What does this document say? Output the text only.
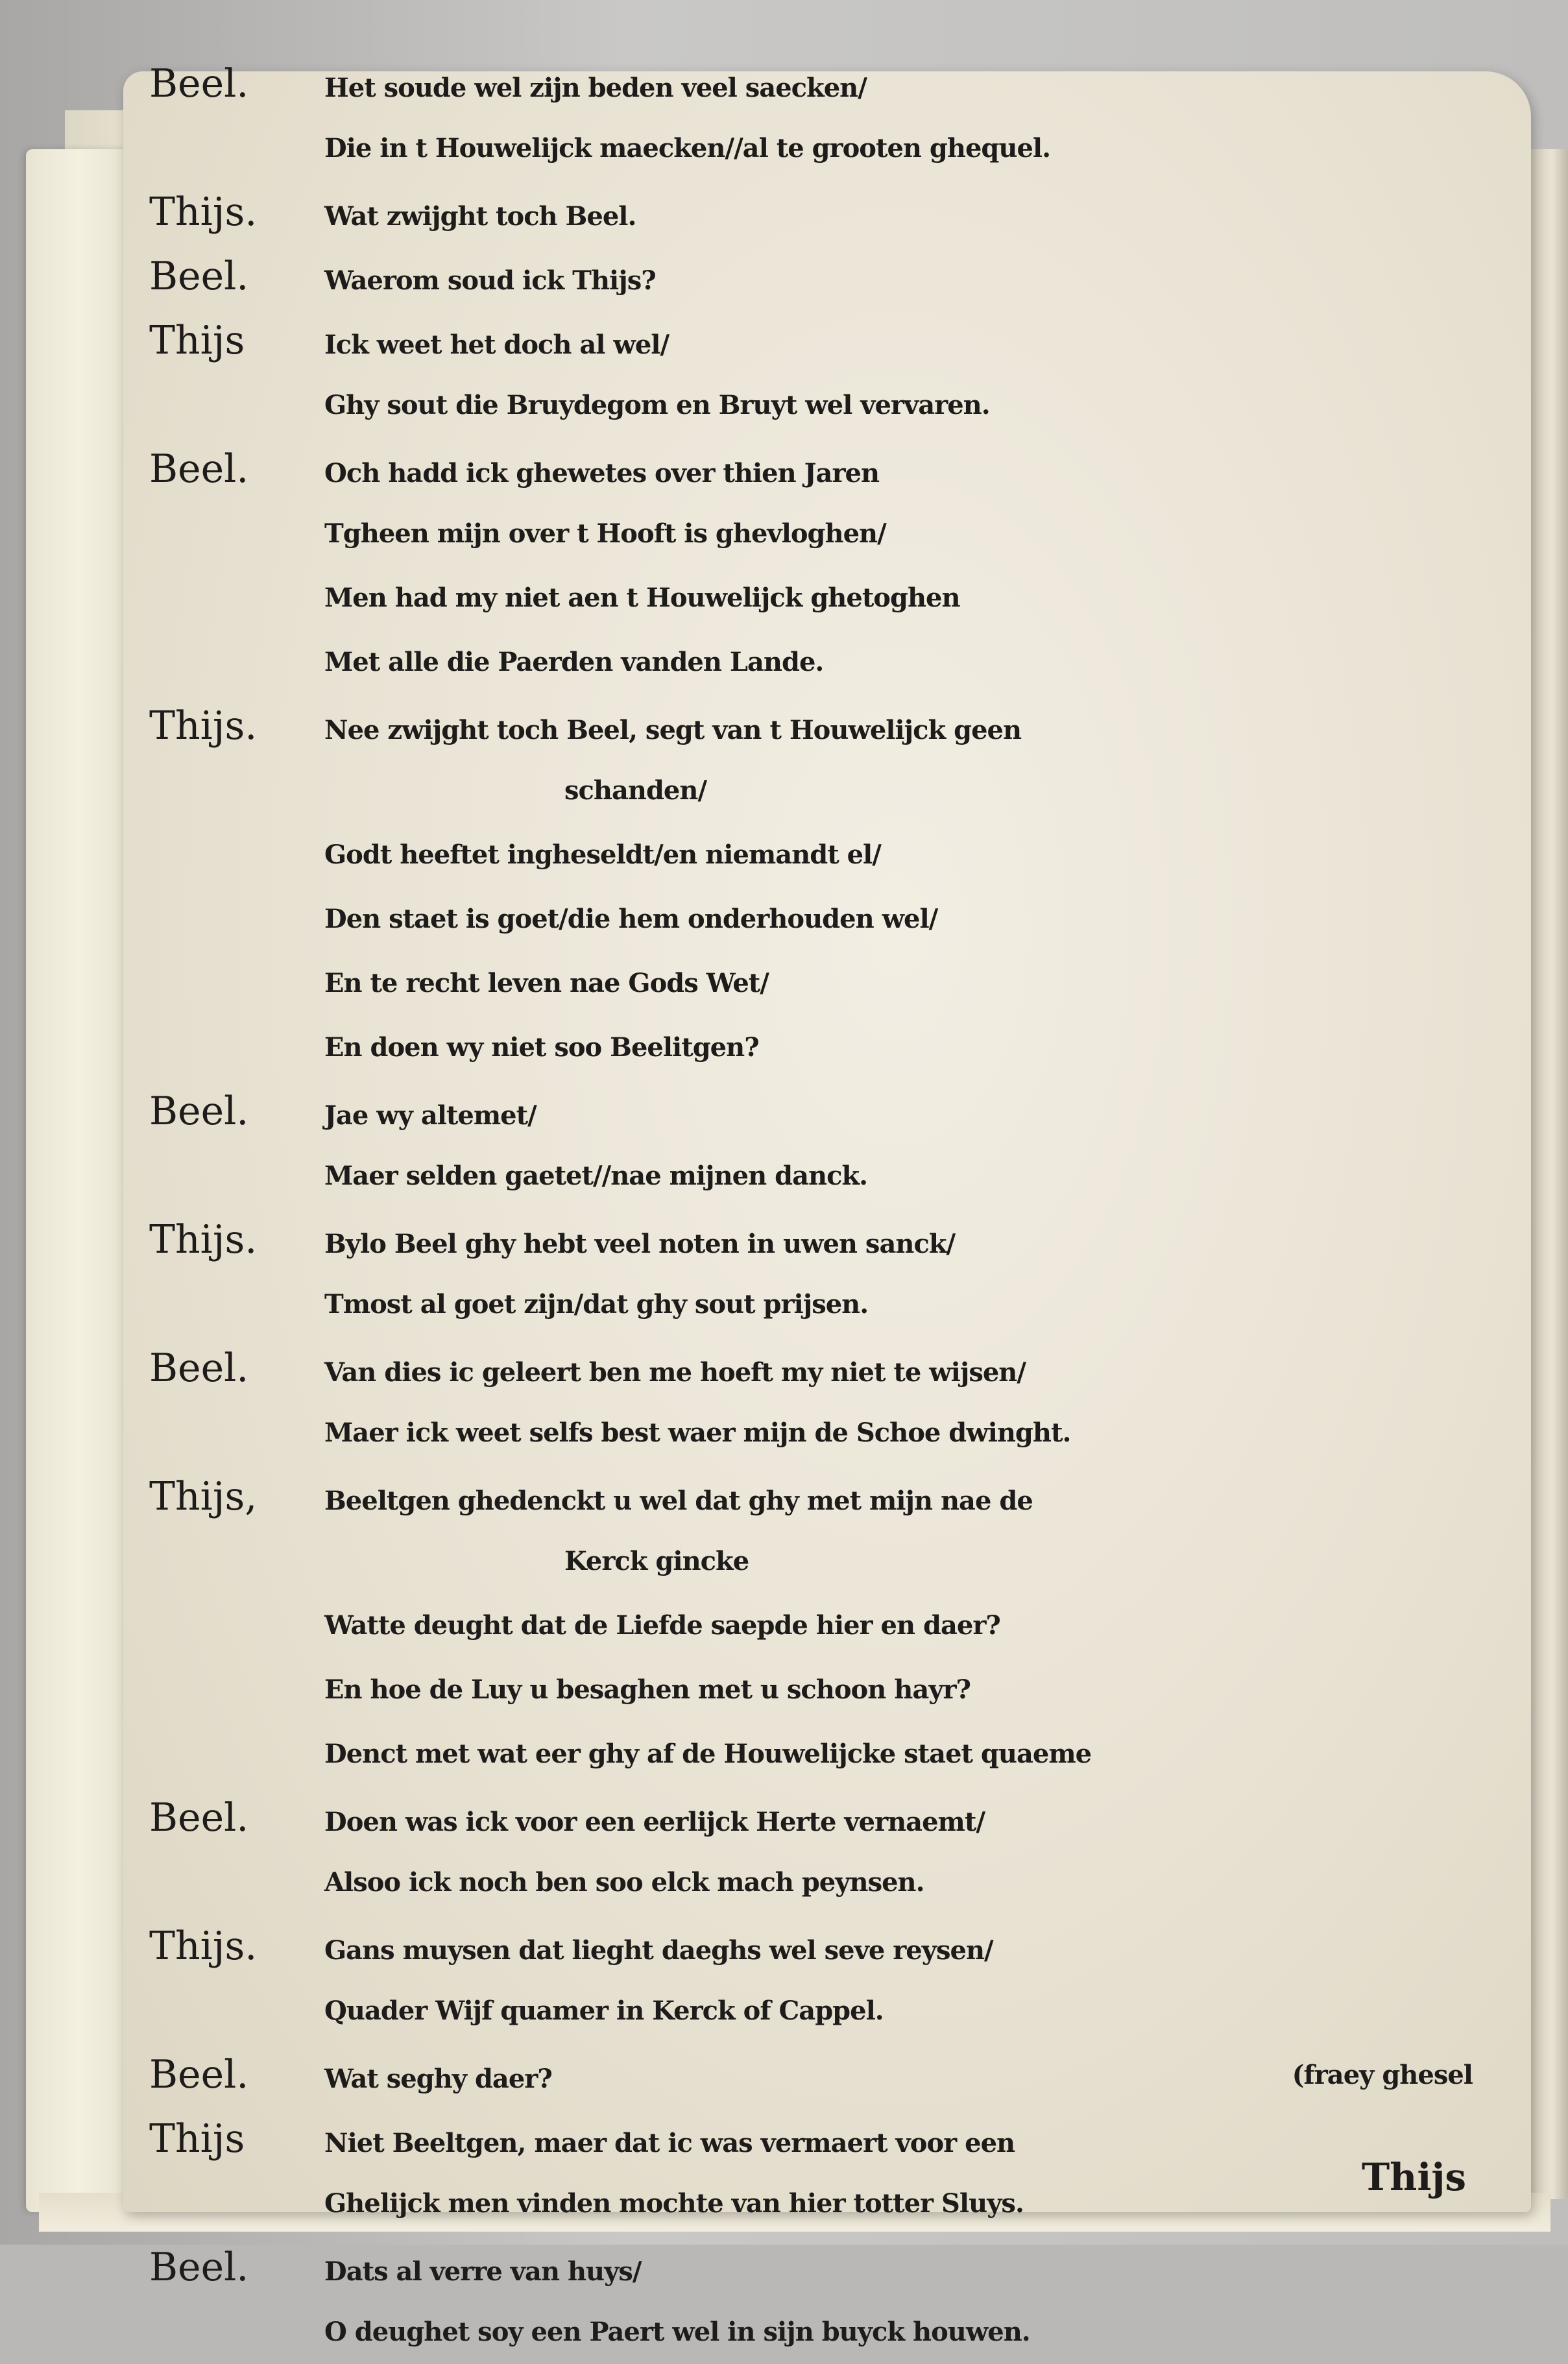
Beel.	Het soude wel zijn beden veel saecken/
Die in t Houwelijck maecken//al te grooten ghequel.
Thijs.	Wat zwijght toch Beel.
Beel.	Waerom soud ick Thijs?
Thijs	Ick weet het doch al wel/
Ghy sout die Bruydegom en Bruyt wel vervaren.
Beel.	Och hadd ick ghewetes over thien Jaren
Tgheen mijn over t Hooft is ghevloghen/
Men had my niet aen t Houwelijck ghetoghen
Met alle die Paerden vanden Lande.
Thijs.	Nee zwijght toch Beel, segt van t Houwelijck geen
schanden/
Godt heeftet ingheseldt/en niemandt el/
Den staet is goet/die hem onderhouden wel/
En te recht leven nae Gods Wet/
En doen wy niet soo Beelitgen?
Beel.	Jae wy altemet/
Maer selden gaetet//nae mijnen danck.
Thijs.	Bylo Beel ghy hebt veel noten in uwen sanck/
Tmost al goet zijn/dat ghy sout prijsen.
Beel.	Van dies ic geleert ben me hoeft my niet te wijsen/
Maer ick weet selfs best waer mijn de Schoe dwinght.
Thijs,	Beeltgen ghedenckt u wel dat ghy met mijn nae de
Kerck gincke
Watte deught dat de Liefde saepde hier en daer?
En hoe de Luy u besaghen met u schoon hayr?
Denct met wat eer ghy af de Houwelijcke staet quaeme
Beel.	Doen was ick voor een eerlijck Herte vernaemt/
Alsoo ick noch ben soo elck mach peynsen.
Thijs.	Gans muysen dat lieght daeghs wel seve reysen/
Quader Wijf quamer in Kerck of Cappel.
Beel.	Wat seghy daer?	(fraey ghesel
Thijs	Niet Beeltgen, maer dat ic was vermaert voor een
Ghelijck men vinden mochte van hier totter Sluys.
Beel.	Dats al verre van huys/
O deughet soy een Paert wel in sijn buyck houwen.
Thijs
